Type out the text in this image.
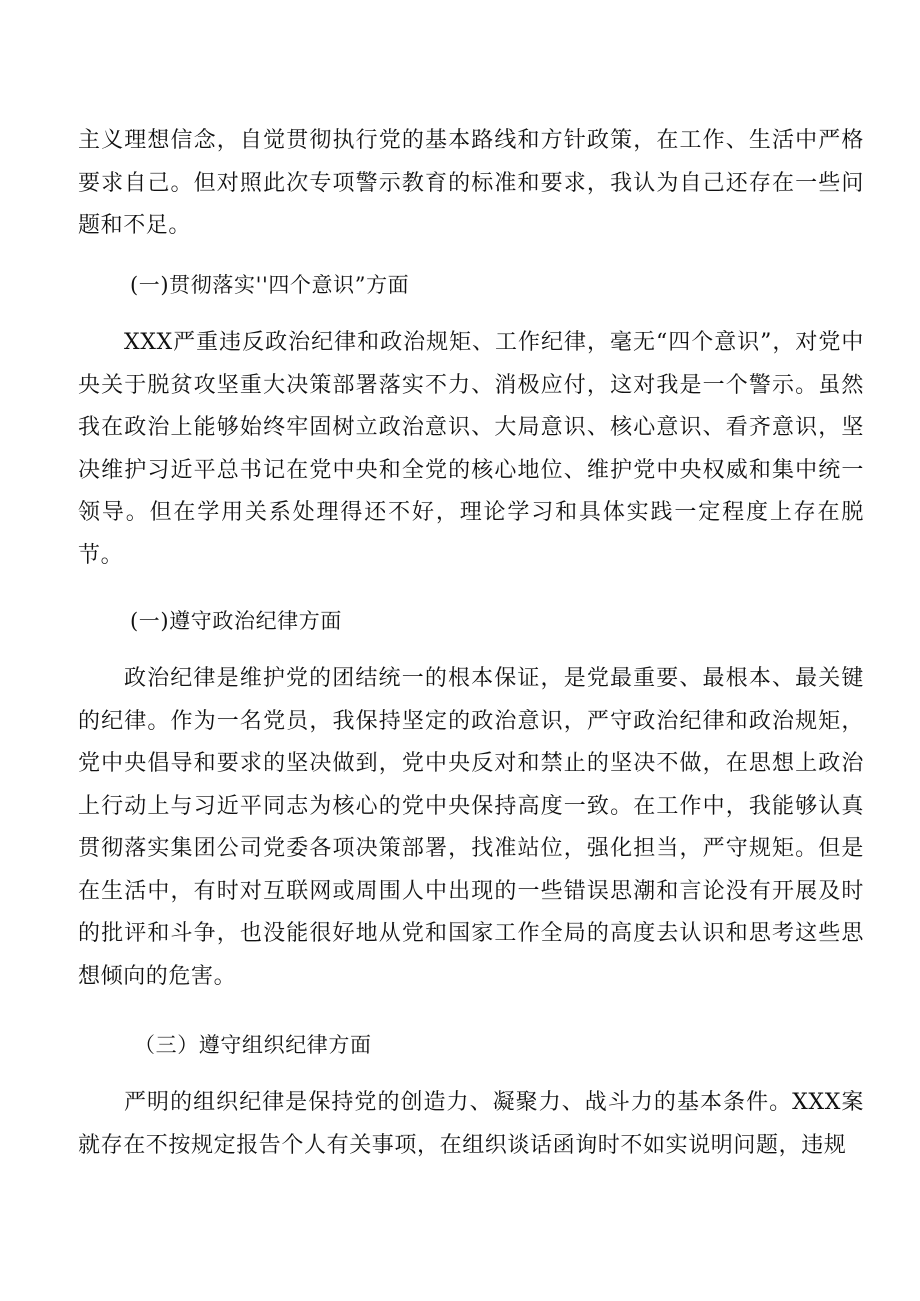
主义理想信念，自觉贯彻执行党的基本路线和方针政策，在工作、生活中严格要求自己。但对照此次专项警示教育的标准和要求，我认为自己还存在一些问题和不足。

(一)贯彻落实''四个意识”方面

XXX严重违反政治纪律和政治规矩、工作纪律，毫无“四个意识”，对党中央关于脱贫攻坚重大决策部署落实不力、消极应付，这对我是一个警示。虽然我在政治上能够始终牢固树立政治意识、大局意识、核心意识、看齐意识，坚决维护习近平总书记在党中央和全党的核心地位、维护党中央权威和集中统一领导。但在学用关系处理得还不好，理论学习和具体实践一定程度上存在脱节。

(一)遵守政治纪律方面

政治纪律是维护党的团结统一的根本保证，是党最重要、最根本、最关键的纪律。作为一名党员，我保持坚定的政治意识，严守政治纪律和政治规矩，党中央倡导和要求的坚决做到，党中央反对和禁止的坚决不做，在思想上政治上行动上与习近平同志为核心的党中央保持高度一致。在工作中，我能够认真贯彻落实集团公司党委各项决策部署，找准站位，强化担当，严守规矩。但是在生活中，有时对互联网或周围人中出现的一些错误思潮和言论没有开展及时的批评和斗争，也没能很好地从党和国家工作全局的高度去认识和思考这些思想倾向的危害。

（三）遵守组织纪律方面

严明的组织纪律是保持党的创造力、凝聚力、战斗力的基本条件。XXX案就存在不按规定报告个人有关事项，在组织谈话函询时不如实说明问题，违规
